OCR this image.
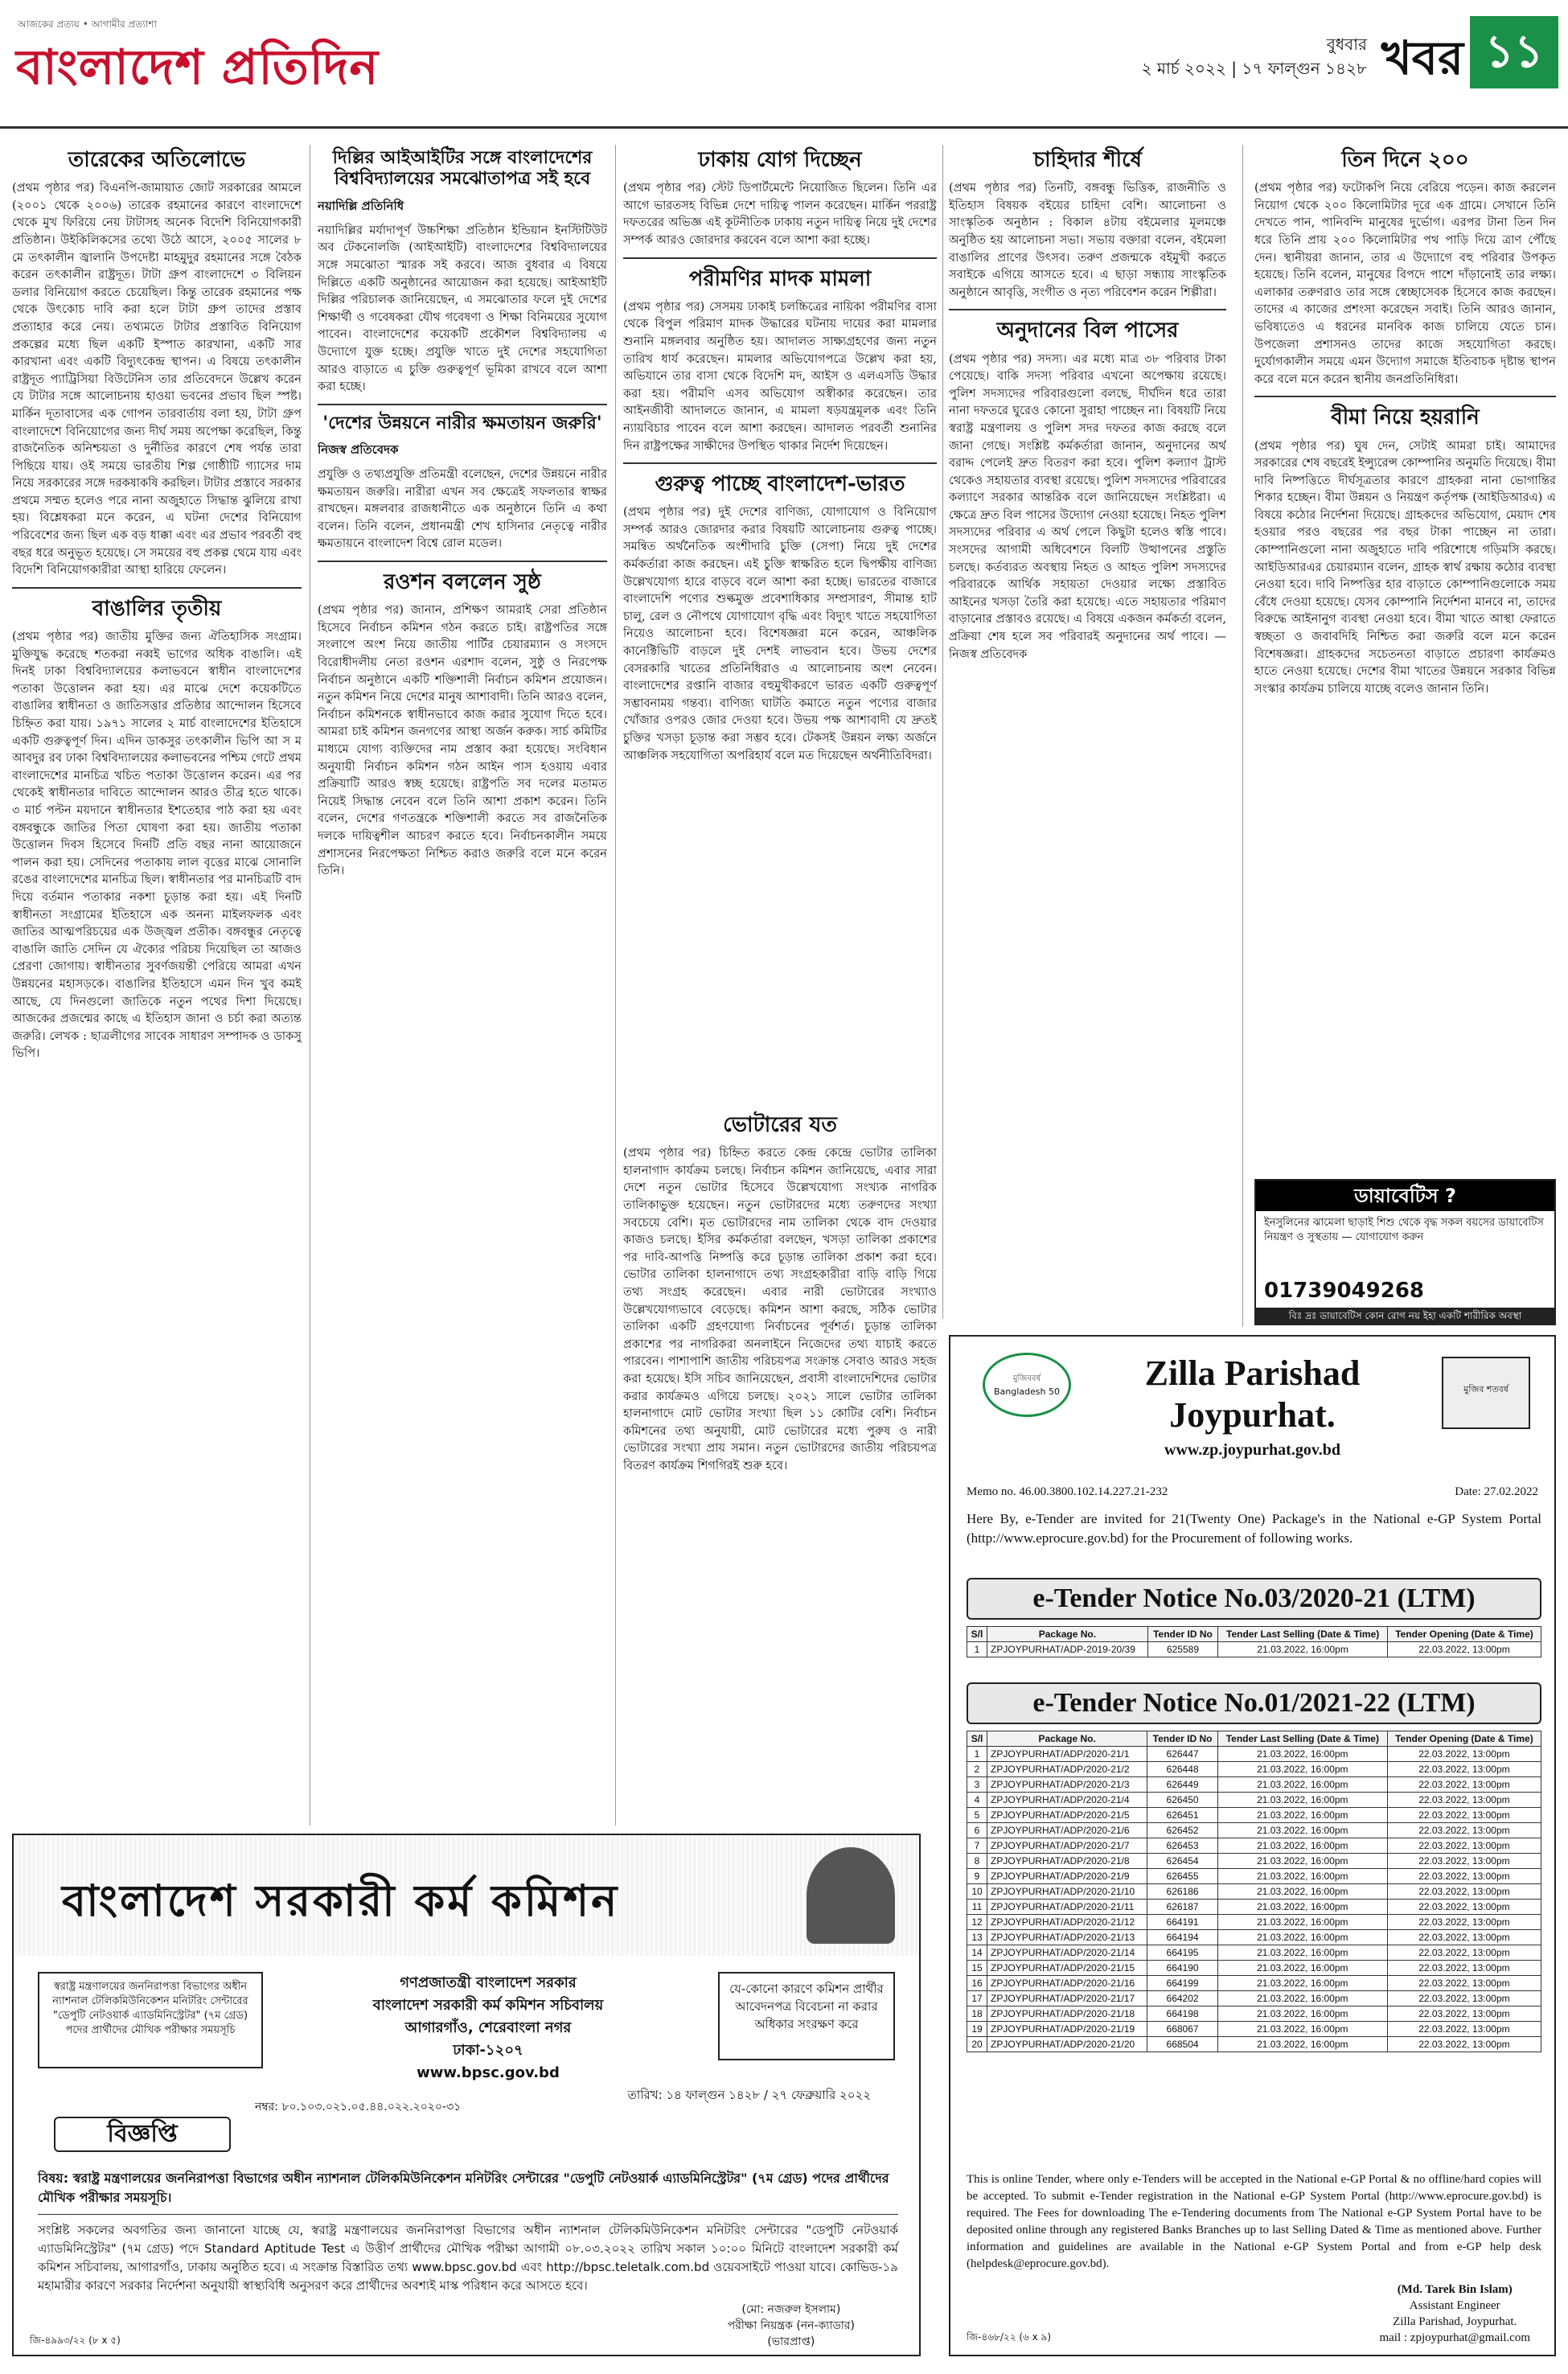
আজকের প্রত্যয় • আগামীর প্রত্যাশা
বাংলাদেশ প্রতিদিন	বুধবার
২ মার্চ ২০২২ | ১৭ ফাল্গুন ১৪২৮ খবর ১১
তারেকের অতিলোভে

(প্রথম পৃষ্ঠার পর) বিএনপি-জামায়াত জোট সরকারের আমলে (২০০১ থেকে ২০০৬) তারেক রহমানের কারণে বাংলাদেশে থেকে মুখ ফিরিয়ে নেয় টাটাসহ অনেক বিদেশি বিনিয়োগকারী প্রতিষ্ঠান। উইকিলিকসের তথ্যে উঠে আসে, ২০০৫ সালের ৮ মে তৎকালীন জ্বালানি উপদেষ্টা মাহমুদুর রহমানের সঙ্গে বৈঠক করেন তৎকালীন রাষ্ট্রদূত। টাটা গ্রুপ বাংলাদেশে ৩ বিলিয়ন ডলার বিনিয়োগ করতে চেয়েছিল। কিন্তু তারেক রহমানের পক্ষ থেকে উৎকোচ দাবি করা হলে টাটা গ্রুপ তাদের প্রস্তাব প্রত্যাহার করে নেয়। তথ্যমতে টাটার প্রস্তাবিত বিনিয়োগ প্রকল্পের মধ্যে ছিল একটি ইস্পাত কারখানা, একটি সার কারখানা এবং একটি বিদ্যুৎকেন্দ্র স্থাপন। এ বিষয়ে তৎকালীন রাষ্ট্রদূত প্যাট্রিসিয়া বিউটেনিস তার প্রতিবেদনে উল্লেখ করেন যে টাটার সঙ্গে আলোচনায় হাওয়া ভবনের প্রভাব ছিল স্পষ্ট। মার্কিন দূতাবাসের এক গোপন তারবার্তায় বলা হয়, টাটা গ্রুপ বাংলাদেশে বিনিয়োগের জন্য দীর্ঘ সময় অপেক্ষা করেছিল, কিন্তু রাজনৈতিক অনিশ্চয়তা ও দুর্নীতির কারণে শেষ পর্যন্ত তারা পিছিয়ে যায়। ওই সময়ে ভারতীয় শিল্প গোষ্ঠীটি গ্যাসের দাম নিয়ে সরকারের সঙ্গে দরকষাকষি করছিল। টাটার প্রস্তাবে সরকার প্রথমে সম্মত হলেও পরে নানা অজুহাতে সিদ্ধান্ত ঝুলিয়ে রাখা হয়। বিশ্লেষকরা মনে করেন, এ ঘটনা দেশের বিনিয়োগ পরিবেশের জন্য ছিল এক বড় ধাক্কা এবং এর প্রভাব পরবর্তী বহু বছর ধরে অনুভূত হয়েছে। সে সময়ের বহু প্রকল্প থেমে যায় এবং বিদেশি বিনিয়োগকারীরা আস্থা হারিয়ে ফেলেন।

বাঙালির তৃতীয়

(প্রথম পৃষ্ঠার পর) জাতীয় মুক্তির জন্য ঐতিহাসিক সংগ্রাম। মুক্তিযুদ্ধ করেছে শতকরা নব্বই ভাগের অধিক বাঙালি। এই দিনই ঢাকা বিশ্ববিদ্যালয়ের কলাভবনে স্বাধীন বাংলাদেশের পতাকা উত্তোলন করা হয়। এর মাঝে দেশে কয়েকটিতে বাঙালির স্বাধীনতা ও জাতিসত্তার প্রতিষ্ঠার আন্দোলন হিসেবে চিহ্নিত করা যায়। ১৯৭১ সালের ২ মার্চ বাংলাদেশের ইতিহাসে একটি গুরুত্বপূর্ণ দিন। এদিন ডাকসুর তৎকালীন ভিপি আ স ম আবদুর রব ঢাকা বিশ্ববিদ্যালয়ের কলাভবনের পশ্চিম গেটে প্রথম বাংলাদেশের মানচিত্র খচিত পতাকা উত্তোলন করেন। এর পর থেকেই স্বাধীনতার দাবিতে আন্দোলন আরও তীব্র হতে থাকে। ৩ মার্চ পল্টন ময়দানে স্বাধীনতার ইশতেহার পাঠ করা হয় এবং বঙ্গবন্ধুকে জাতির পিতা ঘোষণা করা হয়। জাতীয় পতাকা উত্তোলন দিবস হিসেবে দিনটি প্রতি বছর নানা আয়োজনে পালন করা হয়। সেদিনের পতাকায় লাল বৃত্তের মাঝে সোনালি রঙের বাংলাদেশের মানচিত্র ছিল। স্বাধীনতার পর মানচিত্রটি বাদ দিয়ে বর্তমান পতাকার নকশা চূড়ান্ত করা হয়। এই দিনটি স্বাধীনতা সংগ্রামের ইতিহাসে এক অনন্য মাইলফলক এবং জাতির আত্মপরিচয়ের এক উজ্জ্বল প্রতীক। বঙ্গবন্ধুর নেতৃত্বে বাঙালি জাতি সেদিন যে ঐক্যের পরিচয় দিয়েছিল তা আজও প্রেরণা জোগায়। স্বাধীনতার সুবর্ণজয়ন্তী পেরিয়ে আমরা এখন উন্নয়নের মহাসড়কে। বাঙালির ইতিহাসে এমন দিন খুব কমই আছে, যে দিনগুলো জাতিকে নতুন পথের দিশা দিয়েছে। আজকের প্রজন্মের কাছে এ ইতিহাস জানা ও চর্চা করা অত্যন্ত জরুরি। লেখক : ছাত্রলীগের সাবেক সাধারণ সম্পাদক ও ডাকসু ভিপি।

দিল্লির আইআইটির সঙ্গে বাংলাদেশের বিশ্ববিদ্যালয়ের সমঝোতাপত্র সই হবে
নয়াদিল্লি প্রতিনিধি

নয়াদিল্লির মর্যাদাপূর্ণ উচ্চশিক্ষা প্রতিষ্ঠান ইন্ডিয়ান ইনস্টিটিউট অব টেকনোলজি (আইআইটি) বাংলাদেশের বিশ্ববিদ্যালয়ের সঙ্গে সমঝোতা স্মারক সই করবে। আজ বুধবার এ বিষয়ে দিল্লিতে একটি অনুষ্ঠানের আয়োজন করা হয়েছে। আইআইটি দিল্লির পরিচালক জানিয়েছেন, এ সমঝোতার ফলে দুই দেশের শিক্ষার্থী ও গবেষকরা যৌথ গবেষণা ও শিক্ষা বিনিময়ের সুযোগ পাবেন। বাংলাদেশের কয়েকটি প্রকৌশল বিশ্ববিদ্যালয় এ উদ্যোগে যুক্ত হচ্ছে। প্রযুক্তি খাতে দুই দেশের সহযোগিতা আরও বাড়াতে এ চুক্তি গুরুত্বপূর্ণ ভূমিকা রাখবে বলে আশা করা হচ্ছে।

'দেশের উন্নয়নে নারীর ক্ষমতায়ন জরুরি'
নিজস্ব প্রতিবেদক

প্রযুক্তি ও তথ্যপ্রযুক্তি প্রতিমন্ত্রী বলেছেন, দেশের উন্নয়নে নারীর ক্ষমতায়ন জরুরি। নারীরা এখন সব ক্ষেত্রেই সফলতার স্বাক্ষর রাখছেন। মঙ্গলবার রাজধানীতে এক অনুষ্ঠানে তিনি এ কথা বলেন। তিনি বলেন, প্রধানমন্ত্রী শেখ হাসিনার নেতৃত্বে নারীর ক্ষমতায়নে বাংলাদেশ বিশ্বে রোল মডেল।

রওশন বললেন সুষ্ঠ

(প্রথম পৃষ্ঠার পর) জানান, প্রশিক্ষণ আমরাই সেরা প্রতিষ্ঠান হিসেবে নির্বাচন কমিশন গঠন করতে চাই। রাষ্ট্রপতির সঙ্গে সংলাপে অংশ নিয়ে জাতীয় পার্টির চেয়ারম্যান ও সংসদে বিরোধীদলীয় নেতা রওশন এরশাদ বলেন, সুষ্ঠু ও নিরপেক্ষ নির্বাচন অনুষ্ঠানে একটি শক্তিশালী নির্বাচন কমিশন প্রয়োজন। নতুন কমিশন নিয়ে দেশের মানুষ আশাবাদী। তিনি আরও বলেন, নির্বাচন কমিশনকে স্বাধীনভাবে কাজ করার সুযোগ দিতে হবে। আমরা চাই কমিশন জনগণের আস্থা অর্জন করুক। সার্চ কমিটির মাধ্যমে যোগ্য ব্যক্তিদের নাম প্রস্তাব করা হয়েছে। সংবিধান অনুযায়ী নির্বাচন কমিশন গঠন আইন পাস হওয়ায় এবার প্রক্রিয়াটি আরও স্বচ্ছ হয়েছে। রাষ্ট্রপতি সব দলের মতামত নিয়েই সিদ্ধান্ত নেবেন বলে তিনি আশা প্রকাশ করেন। তিনি বলেন, দেশের গণতন্ত্রকে শক্তিশালী করতে সব রাজনৈতিক দলকে দায়িত্বশীল আচরণ করতে হবে। নির্বাচনকালীন সময়ে প্রশাসনের নিরপেক্ষতা নিশ্চিত করাও জরুরি বলে মনে করেন তিনি।

ঢাকায় যোগ দিচ্ছেন

(প্রথম পৃষ্ঠার পর) স্টেট ডিপার্টমেন্টে নিয়োজিত ছিলেন। তিনি এর আগে ভারতসহ বিভিন্ন দেশে দায়িত্ব পালন করেছেন। মার্কিন পররাষ্ট্র দফতরের অভিজ্ঞ এই কূটনীতিক ঢাকায় নতুন দায়িত্ব নিয়ে দুই দেশের সম্পর্ক আরও জোরদার করবেন বলে আশা করা হচ্ছে।

পরীমণির মাদক মামলা

(প্রথম পৃষ্ঠার পর) সেসময় ঢাকাই চলচ্চিত্রের নায়িকা পরীমণির বাসা থেকে বিপুল পরিমাণ মাদক উদ্ধারের ঘটনায় দায়ের করা মামলার শুনানি মঙ্গলবার অনুষ্ঠিত হয়। আদালত সাক্ষ্যগ্রহণের জন্য নতুন তারিখ ধার্য করেছেন। মামলার অভিযোগপত্রে উল্লেখ করা হয়, অভিযানে তার বাসা থেকে বিদেশি মদ, আইস ও এলএসডি উদ্ধার করা হয়। পরীমণি এসব অভিযোগ অস্বীকার করেছেন। তার আইনজীবী আদালতে জানান, এ মামলা ষড়যন্ত্রমূলক এবং তিনি ন্যায়বিচার পাবেন বলে আশা করছেন। আদালত পরবর্তী শুনানির দিন রাষ্ট্রপক্ষের সাক্ষীদের উপস্থিত থাকার নির্দেশ দিয়েছেন।

গুরুত্ব পাচ্ছে বাংলাদেশ-ভারত

(প্রথম পৃষ্ঠার পর) দুই দেশের বাণিজ্য, যোগাযোগ ও বিনিয়োগ সম্পর্ক আরও জোরদার করার বিষয়টি আলোচনায় গুরুত্ব পাচ্ছে। সমন্বিত অর্থনৈতিক অংশীদারি চুক্তি (সেপা) নিয়ে দুই দেশের কর্মকর্তারা কাজ করছেন। এই চুক্তি স্বাক্ষরিত হলে দ্বিপক্ষীয় বাণিজ্য উল্লেখযোগ্য হারে বাড়বে বলে আশা করা হচ্ছে। ভারতের বাজারে বাংলাদেশি পণ্যের শুল্কমুক্ত প্রবেশাধিকার সম্প্রসারণ, সীমান্ত হাট চালু, রেল ও নৌপথে যোগাযোগ বৃদ্ধি এবং বিদ্যুৎ খাতে সহযোগিতা নিয়েও আলোচনা হবে। বিশেষজ্ঞরা মনে করেন, আঞ্চলিক কানেক্টিভিটি বাড়লে দুই দেশই লাভবান হবে। উভয় দেশের বেসরকারি খাতের প্রতিনিধিরাও এ আলোচনায় অংশ নেবেন। বাংলাদেশের রপ্তানি বাজার বহুমুখীকরণে ভারত একটি গুরুত্বপূর্ণ সম্ভাবনাময় গন্তব্য। বাণিজ্য ঘাটতি কমাতে নতুন পণ্যের বাজার খোঁজার ওপরও জোর দেওয়া হবে। উভয় পক্ষ আশাবাদী যে দ্রুতই চুক্তির খসড়া চূড়ান্ত করা সম্ভব হবে। টেকসই উন্নয়ন লক্ষ্য অর্জনে আঞ্চলিক সহযোগিতা অপরিহার্য বলে মত দিয়েছেন অর্থনীতিবিদরা।

ভোটারের যত

(প্রথম পৃষ্ঠার পর) চিহ্নিত করতে কেন্দ্র কেন্দ্রে ভোটার তালিকা হালনাগাদ কার্যক্রম চলছে। নির্বাচন কমিশন জানিয়েছে, এবার সারা দেশে নতুন ভোটার হিসেবে উল্লেখযোগ্য সংখ্যক নাগরিক তালিকাভুক্ত হয়েছেন। নতুন ভোটারদের মধ্যে তরুণদের সংখ্যা সবচেয়ে বেশি। মৃত ভোটারদের নাম তালিকা থেকে বাদ দেওয়ার কাজও চলছে। ইসির কর্মকর্তারা বলছেন, খসড়া তালিকা প্রকাশের পর দাবি-আপত্তি নিষ্পত্তি করে চূড়ান্ত তালিকা প্রকাশ করা হবে। ভোটার তালিকা হালনাগাদে তথ্য সংগ্রহকারীরা বাড়ি বাড়ি গিয়ে তথ্য সংগ্রহ করেছেন। এবার নারী ভোটারের সংখ্যাও উল্লেখযোগ্যভাবে বেড়েছে। কমিশন আশা করছে, সঠিক ভোটার তালিকা একটি গ্রহণযোগ্য নির্বাচনের পূর্বশর্ত। চূড়ান্ত তালিকা প্রকাশের পর নাগরিকরা অনলাইনে নিজেদের তথ্য যাচাই করতে পারবেন। পাশাপাশি জাতীয় পরিচয়পত্র সংক্রান্ত সেবাও আরও সহজ করা হয়েছে। ইসি সচিব জানিয়েছেন, প্রবাসী বাংলাদেশিদের ভোটার করার কার্যক্রমও এগিয়ে চলছে। ২০২১ সালে ভোটার তালিকা হালনাগাদে মোট ভোটার সংখ্যা ছিল ১১ কোটির বেশি। নির্বাচন কমিশনের তথ্য অনুযায়ী, মোট ভোটারের মধ্যে পুরুষ ও নারী ভোটারের সংখ্যা প্রায় সমান। নতুন ভোটারদের জাতীয় পরিচয়পত্র বিতরণ কার্যক্রম শিগগিরই শুরু হবে।

চাহিদার শীর্ষে

(প্রথম পৃষ্ঠার পর) তিনটি, বঙ্গবন্ধু ভিত্তিক, রাজনীতি ও ইতিহাস বিষয়ক বইয়ের চাহিদা বেশি। আলোচনা ও সাংস্কৃতিক অনুষ্ঠান : বিকাল ৪টায় বইমেলার মূলমঞ্চে অনুষ্ঠিত হয় আলোচনা সভা। সভায় বক্তারা বলেন, বইমেলা বাঙালির প্রাণের উৎসব। তরুণ প্রজন্মকে বইমুখী করতে সবাইকে এগিয়ে আসতে হবে। এ ছাড়া সন্ধ্যায় সাংস্কৃতিক অনুষ্ঠানে আবৃত্তি, সংগীত ও নৃত্য পরিবেশন করেন শিল্পীরা।

অনুদানের বিল পাসের

(প্রথম পৃষ্ঠার পর) সদস্য। এর মধ্যে মাত্র ৩৮ পরিবার টাকা পেয়েছে। বাকি সদস্য পরিবার এখনো অপেক্ষায় রয়েছে। পুলিশ সদস্যদের পরিবারগুলো বলছে, দীর্ঘদিন ধরে তারা নানা দফতরে ঘুরেও কোনো সুরাহা পাচ্ছেন না। বিষয়টি নিয়ে স্বরাষ্ট্র মন্ত্রণালয় ও পুলিশ সদর দফতর কাজ করছে বলে জানা গেছে। সংশ্লিষ্ট কর্মকর্তারা জানান, অনুদানের অর্থ বরাদ্দ পেলেই দ্রুত বিতরণ করা হবে। পুলিশ কল্যাণ ট্রাস্ট থেকেও সহায়তার ব্যবস্থা রয়েছে। পুলিশ সদস্যদের পরিবারের কল্যাণে সরকার আন্তরিক বলে জানিয়েছেন সংশ্লিষ্টরা। এ ক্ষেত্রে দ্রুত বিল পাসের উদ্যোগ নেওয়া হয়েছে। নিহত পুলিশ সদস্যদের পরিবার এ অর্থ পেলে কিছুটা হলেও স্বস্তি পাবে। সংসদের আগামী অধিবেশনে বিলটি উত্থাপনের প্রস্তুতি চলছে। কর্তব্যরত অবস্থায় নিহত ও আহত পুলিশ সদস্যদের পরিবারকে আর্থিক সহায়তা দেওয়ার লক্ষ্যে প্রস্তাবিত আইনের খসড়া তৈরি করা হয়েছে। এতে সহায়তার পরিমাণ বাড়ানোর প্রস্তাবও রয়েছে। এ বিষয়ে একজন কর্মকর্তা বলেন, প্রক্রিয়া শেষ হলে সব পরিবারই অনুদানের অর্থ পাবে। — নিজস্ব প্রতিবেদক

তিন দিনে ২০০

(প্রথম পৃষ্ঠার পর) ফটোকপি নিয়ে বেরিয়ে পড়েন। কাজ করলেন নিয়োগ থেকে ২০০ কিলোমিটার দূরে এক গ্রামে। সেখানে তিনি দেখতে পান, পানিবন্দি মানুষের দুর্ভোগ। এরপর টানা তিন দিন ধরে তিনি প্রায় ২০০ কিলোমিটার পথ পাড়ি দিয়ে ত্রাণ পৌঁছে দেন। স্থানীয়রা জানান, তার এ উদ্যোগে বহু পরিবার উপকৃত হয়েছে। তিনি বলেন, মানুষের বিপদে পাশে দাঁড়ানোই তার লক্ষ্য। এলাকার তরুণরাও তার সঙ্গে স্বেচ্ছাসেবক হিসেবে কাজ করছেন। তাদের এ কাজের প্রশংসা করেছেন সবাই। তিনি আরও জানান, ভবিষ্যতেও এ ধরনের মানবিক কাজ চালিয়ে যেতে চান। উপজেলা প্রশাসনও তাদের কাজে সহযোগিতা করছে। দুর্যোগকালীন সময়ে এমন উদ্যোগ সমাজে ইতিবাচক দৃষ্টান্ত স্থাপন করে বলে মনে করেন স্থানীয় জনপ্রতিনিধিরা।

বীমা নিয়ে হয়রানি

(প্রথম পৃষ্ঠার পর) ঘুষ দেন, সেটাই আমরা চাই। আমাদের সরকারের শেষ বছরেই ইন্স্যুরেন্স কোম্পানির অনুমতি দিয়েছে। বীমা দাবি নিষ্পত্তিতে দীর্ঘসূত্রতার কারণে গ্রাহকরা নানা ভোগান্তির শিকার হচ্ছেন। বীমা উন্নয়ন ও নিয়ন্ত্রণ কর্তৃপক্ষ (আইডিআরএ) এ বিষয়ে কঠোর নির্দেশনা দিয়েছে। গ্রাহকদের অভিযোগ, মেয়াদ শেষ হওয়ার পরও বছরের পর বছর টাকা পাচ্ছেন না তারা। কোম্পানিগুলো নানা অজুহাতে দাবি পরিশোধে গড়িমসি করছে। আইডিআরএর চেয়ারম্যান বলেন, গ্রাহক স্বার্থ রক্ষায় কঠোর ব্যবস্থা নেওয়া হবে। দাবি নিষ্পত্তির হার বাড়াতে কোম্পানিগুলোকে সময় বেঁধে দেওয়া হয়েছে। যেসব কোম্পানি নির্দেশনা মানবে না, তাদের বিরুদ্ধে আইনানুগ ব্যবস্থা নেওয়া হবে। বীমা খাতে আস্থা ফেরাতে স্বচ্ছতা ও জবাবদিহি নিশ্চিত করা জরুরি বলে মনে করেন বিশেষজ্ঞরা। গ্রাহকদের সচেতনতা বাড়াতে প্রচারণা কার্যক্রমও হাতে নেওয়া হয়েছে। দেশের বীমা খাতের উন্নয়নে সরকার বিভিন্ন সংস্কার কার্যক্রম চালিয়ে যাচ্ছে বলেও জানান তিনি।

ডায়াবেটিস ?
ইনসুলিনের ঝামেলা ছাড়াই শিশু থেকে বৃদ্ধ সকল বয়সের ডায়াবেটিস নিয়ন্ত্রণ ও সুস্থতায় — যোগাযোগ করুন
01739049268
বিঃ দ্রঃ ডায়াবেটিস কোন রোগ নয় ইহা একটি শারীরিক অবস্থা
বাংলাদেশ সরকারী কর্ম কমিশন
স্বরাষ্ট্র মন্ত্রণালয়ের জননিরাপত্তা বিভাগের অধীন ন্যাশনাল টেলিকমিউনিকেশন মনিটরিং সেন্টারের "ডেপুটি নেটওয়ার্ক এ্যাডমিনিস্ট্রেটর" (৭ম গ্রেড) পদের প্রার্থীদের মৌখিক পরীক্ষার সময়সূচি
গণপ্রজাতন্ত্রী বাংলাদেশ সরকার
বাংলাদেশ সরকারী কর্ম কমিশন সচিবালয়
আগারগাঁও, শেরেবাংলা নগর
ঢাকা-১২০৭
www.bpsc.gov.bd
যে-কোনো কারণে কমিশন প্রার্থীর আবেদনপত্র বিবেচনা না করার অধিকার সংরক্ষণ করে
তারিখ: ১৪ ফাল্গুন ১৪২৮ / ২৭ ফেব্রুয়ারি ২০২২
বিজ্ঞপ্তি
নম্বর: ৮০.১০৩.০২১.০৫.৪৪.০২২.২০২০-৩১
বিষয়: স্বরাষ্ট্র মন্ত্রণালয়ের জননিরাপত্তা বিভাগের অধীন ন্যাশনাল টেলিকমিউনিকেশন মনিটরিং সেন্টারের "ডেপুটি নেটওয়ার্ক এ্যাডমিনিস্ট্রেটর" (৭ম গ্রেড) পদের প্রার্থীদের মৌখিক পরীক্ষার সময়সূচি।
সংশ্লিষ্ট সকলের অবগতির জন্য জানানো যাচ্ছে যে, স্বরাষ্ট্র মন্ত্রণালয়ের জননিরাপত্তা বিভাগের অধীন ন্যাশনাল টেলিকমিউনিকেশন মনিটরিং সেন্টারের "ডেপুটি নেটওয়ার্ক এ্যাডমিনিস্ট্রেটর" (৭ম গ্রেড) পদে Standard Aptitude Test এ উত্তীর্ণ প্রার্থীদের মৌখিক পরীক্ষা আগামী ০৮.০৩.২০২২ তারিখ সকাল ১০:০০ মিনিটে বাংলাদেশ সরকারী কর্ম কমিশন সচিবালয়, আগারগাঁও, ঢাকায় অনুষ্ঠিত হবে। এ সংক্রান্ত বিস্তারিত তথ্য www.bpsc.gov.bd এবং http://bpsc.teletalk.com.bd ওয়েবসাইটে পাওয়া যাবে। কোভিড-১৯ মহামারীর কারণে সরকার নির্দেশনা অনুযায়ী স্বাস্থ্যবিধি অনুসরণ করে প্রার্থীদের অবশ্যই মাস্ক পরিধান করে আসতে হবে।
(মো: নজরুল ইসলাম)
পরীক্ষা নিয়ন্ত্রক (নন-ক্যাডার)
(ভারপ্রাপ্ত)
জি-৪৯৯৩/২২ (৮ x ৫)
Zilla Parishad
Joypurhat.
মুজিববর্ষ
Bangladesh 50	মুজিব শতবর্ষ
www.zp.joypurhat.gov.bd
Memo no. 46.00.3800.102.14.227.21-232	Date: 27.02.2022
Here By, e-Tender are invited for 21(Twenty One) Package's in the National e-GP System Portal (http://www.eprocure.gov.bd) for the Procurement of following works.
e-Tender Notice No.03/2020-21 (LTM)
S/l	Package No.	Tender ID No	Tender Last Selling (Date & Time)	Tender Opening (Date & Time)
1	ZPJOYPURHAT/ADP-2019-20/39	625589	21.03.2022, 16:00pm	22.03.2022, 13:00pm
e-Tender Notice No.01/2021-22 (LTM)
S/l	Package No.	Tender ID No	Tender Last Selling (Date & Time)	Tender Opening (Date & Time)
1	ZPJOYPURHAT/ADP/2020-21/1	626447	21.03.2022, 16:00pm	22.03.2022, 13:00pm
2	ZPJOYPURHAT/ADP/2020-21/2	626448	21.03.2022, 16:00pm	22.03.2022, 13:00pm
3	ZPJOYPURHAT/ADP/2020-21/3	626449	21.03.2022, 16:00pm	22.03.2022, 13:00pm
4	ZPJOYPURHAT/ADP/2020-21/4	626450	21.03.2022, 16:00pm	22.03.2022, 13:00pm
5	ZPJOYPURHAT/ADP/2020-21/5	626451	21.03.2022, 16:00pm	22.03.2022, 13:00pm
6	ZPJOYPURHAT/ADP/2020-21/6	626452	21.03.2022, 16:00pm	22.03.2022, 13:00pm
7	ZPJOYPURHAT/ADP/2020-21/7	626453	21.03.2022, 16:00pm	22.03.2022, 13:00pm
8	ZPJOYPURHAT/ADP/2020-21/8	626454	21.03.2022, 16:00pm	22.03.2022, 13:00pm
9	ZPJOYPURHAT/ADP/2020-21/9	626455	21.03.2022, 16:00pm	22.03.2022, 13:00pm
10	ZPJOYPURHAT/ADP/2020-21/10	626186	21.03.2022, 16:00pm	22.03.2022, 13:00pm
11	ZPJOYPURHAT/ADP/2020-21/11	626187	21.03.2022, 16:00pm	22.03.2022, 13:00pm
12	ZPJOYPURHAT/ADP/2020-21/12	664191	21.03.2022, 16:00pm	22.03.2022, 13:00pm
13	ZPJOYPURHAT/ADP/2020-21/13	664194	21.03.2022, 16:00pm	22.03.2022, 13:00pm
14	ZPJOYPURHAT/ADP/2020-21/14	664195	21.03.2022, 16:00pm	22.03.2022, 13:00pm
15	ZPJOYPURHAT/ADP/2020-21/15	664190	21.03.2022, 16:00pm	22.03.2022, 13:00pm
16	ZPJOYPURHAT/ADP/2020-21/16	664199	21.03.2022, 16:00pm	22.03.2022, 13:00pm
17	ZPJOYPURHAT/ADP/2020-21/17	664202	21.03.2022, 16:00pm	22.03.2022, 13:00pm
18	ZPJOYPURHAT/ADP/2020-21/18	664198	21.03.2022, 16:00pm	22.03.2022, 13:00pm
19	ZPJOYPURHAT/ADP/2020-21/19	668067	21.03.2022, 16:00pm	22.03.2022, 13:00pm
20	ZPJOYPURHAT/ADP/2020-21/20	668504	21.03.2022, 16:00pm	22.03.2022, 13:00pm
This is online Tender, where only e-Tenders will be accepted in the National e-GP Portal & no offline/hard copies will be accepted. To submit e-Tender registration in the National e-GP System Portal (http://www.eprocure.gov.bd) is required. The Fees for downloading The e-Tendering documents from The National e-GP System Portal have to be deposited online through any registered Banks Branches up to last Selling Dated & Time as mentioned above. Further information and guidelines are available in the National e-GP System Portal and from e-GP help desk (helpdesk@eprocure.gov.bd).
(Md. Tarek Bin Islam)
Assistant Engineer
Zilla Parishad, Joypurhat.
mail : zpjoypurhat@gmail.com
জি-৪৬৮/২২ (৬ x ৯)
